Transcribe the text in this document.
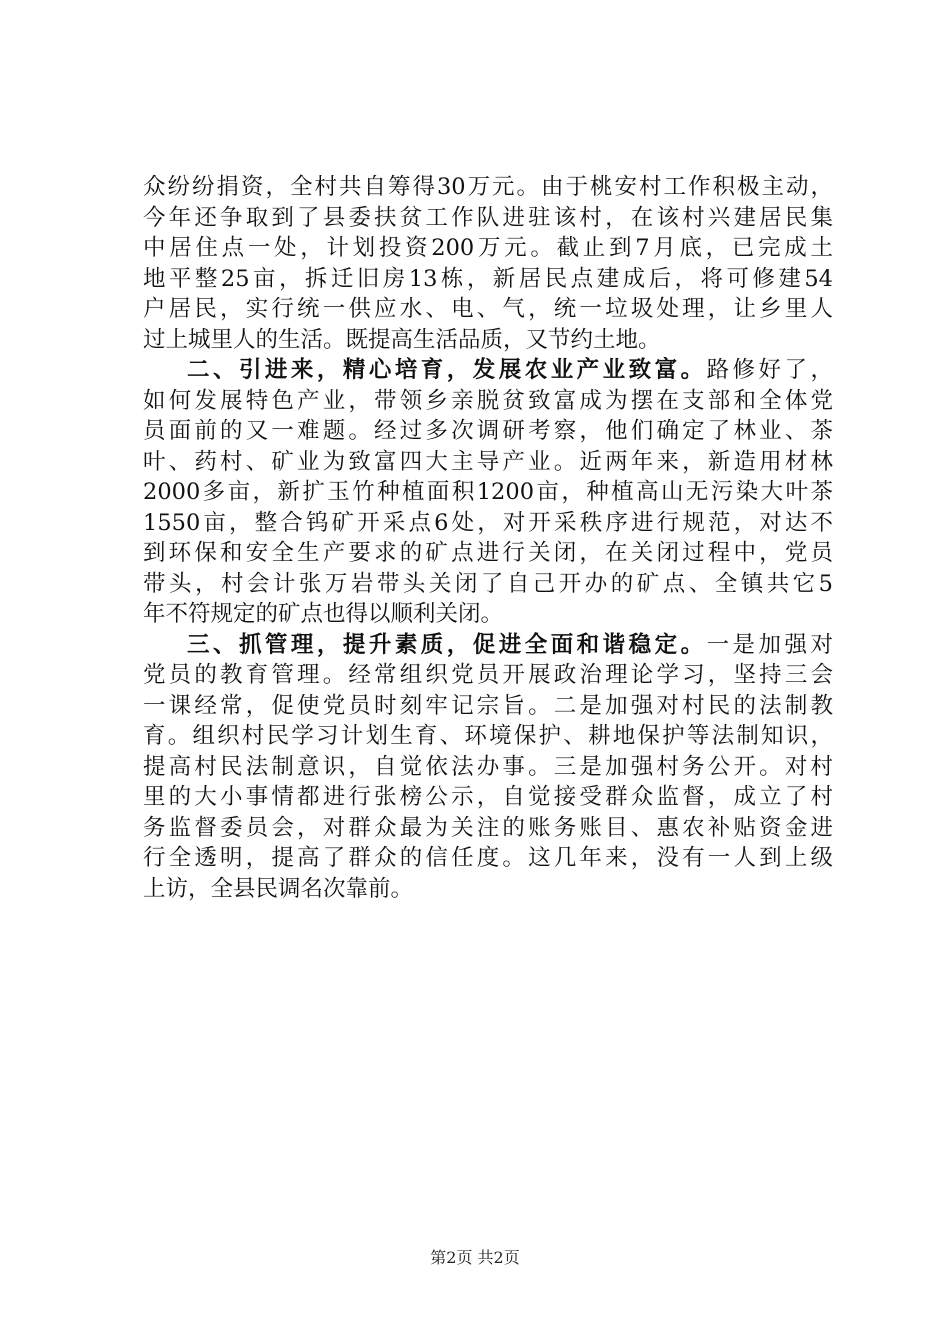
众纷纷捐资，全村共自筹得30万元。由于桃安村工作积极主动，
今年还争取到了县委扶贫工作队进驻该村，在该村兴建居民集
中居住点一处，计划投资200万元。截止到7月底，已完成土
地平整25亩，拆迁旧房13栋，新居民点建成后，将可修建54
户居民，实行统一供应水、电、气，统一垃圾处理，让乡里人
过上城里人的生活。既提高生活品质，又节约土地。
二、引进来，精心培育，发展农业产业致富。路修好了，
如何发展特色产业，带领乡亲脱贫致富成为摆在支部和全体党
员面前的又一难题。经过多次调研考察，他们确定了林业、茶
叶、药村、矿业为致富四大主导产业。近两年来，新造用材林
2000多亩，新扩玉竹种植面积1200亩，种植高山无污染大叶茶
1550亩，整合钨矿开采点6处，对开采秩序进行规范，对达不
到环保和安全生产要求的矿点进行关闭，在关闭过程中，党员
带头，村会计张万岩带头关闭了自己开办的矿点、全镇共它5
年不符规定的矿点也得以顺利关闭。
三、抓管理，提升素质，促进全面和谐稳定。一是加强对
党员的教育管理。经常组织党员开展政治理论学习，坚持三会
一课经常，促使党员时刻牢记宗旨。二是加强对村民的法制教
育。组织村民学习计划生育、环境保护、耕地保护等法制知识，
提高村民法制意识，自觉依法办事。三是加强村务公开。对村
里的大小事情都进行张榜公示，自觉接受群众监督，成立了村
务监督委员会，对群众最为关注的账务账目、惠农补贴资金进
行全透明，提高了群众的信任度。这几年来，没有一人到上级
上访，全县民调名次靠前。
第2页 共2页
